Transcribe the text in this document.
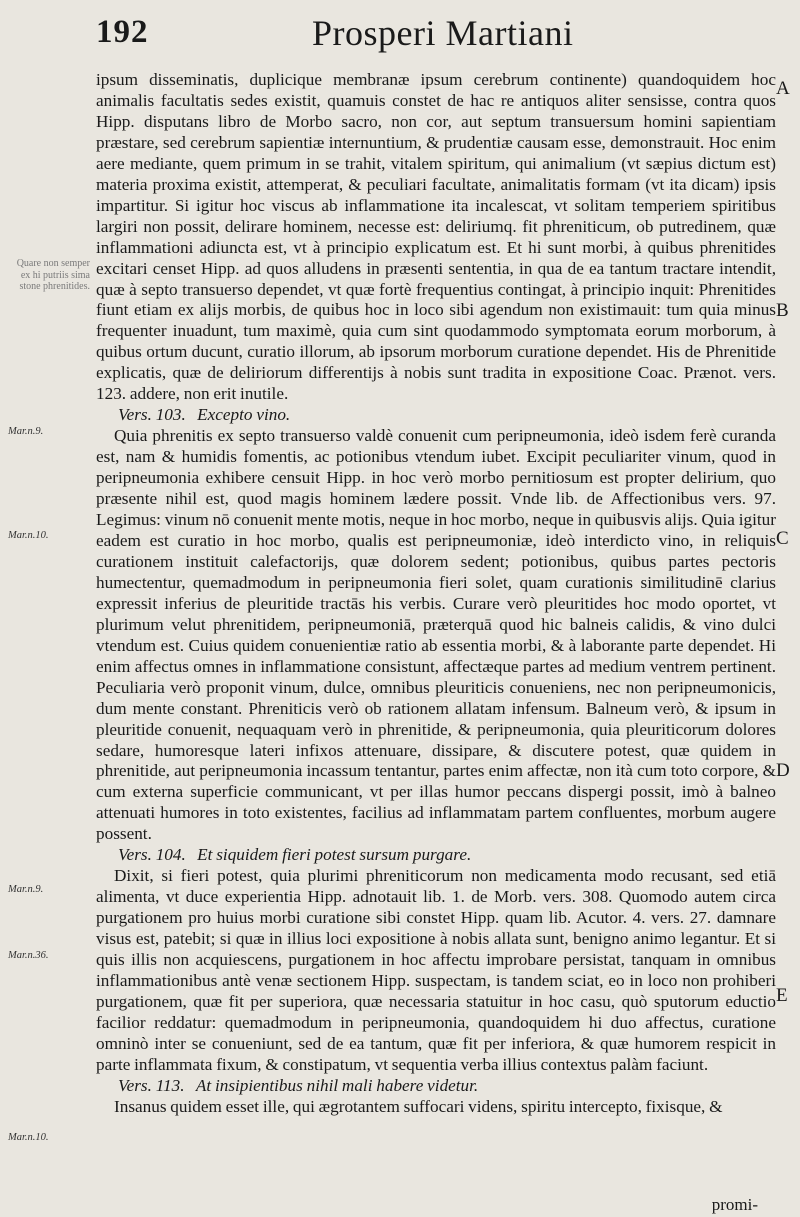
192	Prosperi Martiani

ipsum disseminatis, duplicique membranæ ipsum cerebrum continente) quandoquidem hoc animalis facultatis sedes existit, quamuis constet de hac re antiquos aliter sensisse, contra quos Hipp. disputans libro de Morbo sacro, non cor, aut septum transuersum homini sapientiam præstare, sed cerebrum sapientiæ internuntium, & prudentiæ causam esse, demonstrauit. Hoc enim aere mediante, quem primum in se trahit, vitalem spiritum, qui animalium (vt sæpius dictum est) materia proxima existit, attemperat, & peculiari facultate, animalitatis formam (vt ita dicam) ipsis impartitur. Si igitur hoc viscus ab inflammatione ita incalescat, vt solitam temperiem spiritibus largiri non possit, delirare hominem, necesse est: deliriumq. fit phreniticum, ob putredinem, quæ inflammationi adiuncta est, vt à principio explicatum est. Et hi sunt morbi, à quibus phrenitides excitari censet Hipp. ad quos alludens in præsenti sententia, in qua de ea tantum tractare intendit, quæ à septo transuerso dependet, vt quæ fortè frequentius contingat, à principio inquit: Phrenitides fiunt etiam ex alijs morbis, de quibus hoc in loco sibi agendum non existimauit: tum quia minus frequenter inuadunt, tum maximè, quia cum sint quodammodo symptomata eorum morborum, à quibus ortum ducunt, curatio illorum, ab ipsorum morborum curatione dependet. His de Phrenitide explicatis, quæ de deliriorum differentijs à nobis sunt tradita in expositione Coac. Prænot. vers. 123. addere, non erit inutile.

Vers. 103. Excepto vino.

Quia phrenitis ex septo transuerso valdè conuenit cum peripneumonia, ideò isdem ferè curanda est, nam & humidis fomentis, ac potionibus vtendum iubet. Excipit peculiariter vinum, quod in peripneumonia exhibere censuit Hipp. in hoc verò morbo pernitiosum est propter delirium, quo præsente nihil est, quod magis hominem lædere possit. Vnde lib. de Affectionibus vers. 97. Legimus: vinum nō conuenit mente motis, neque in hoc morbo, neque in quibusvis alijs. Quia igitur eadem est curatio in hoc morbo, qualis est peripneumoniæ, ideò interdicto vino, in reliquis curationem instituit calefactorijs, quæ dolorem sedent; potionibus, quibus partes pectoris humectentur, quemadmodum in peripneumonia fieri solet, quam curationis similitudinē clarius expressit inferius de pleuritide tractās his verbis. Curare verò pleuritides hoc modo oportet, vt plurimum velut phrenitidem, peripneumoniā, præterquā quod hic balneis calidis, & vino dulci vtendum est. Cuius quidem conuenientiæ ratio ab essentia morbi, & à laborante parte dependet. Hi enim affectus omnes in inflammatione consistunt, affectæque partes ad medium ventrem pertinent. Peculiaria verò proponit vinum, dulce, omnibus pleuriticis conueniens, nec non peripneumonicis, dum mente constant. Phreniticis verò ob rationem allatam infensum. Balneum verò, & ipsum in pleuritide conuenit, nequaquam verò in phrenitide, & peripneumonia, quia pleuriticorum dolores sedare, humoresque lateri infixos attenuare, dissipare, & discutere potest, quæ quidem in phrenitide, aut peripneumonia incassum tentantur, partes enim affectæ, non ità cum toto corpore, & cum externa superficie communicant, vt per illas humor peccans dispergi possit, imò à balneo attenuati humores in toto existentes, facilius ad inflammatam partem confluentes, morbum augere possent.

Vers. 104. Et siquidem fieri potest sursum purgare.

Dixit, si fieri potest, quia plurimi phreniticorum non medicamenta modo recusant, sed etiā alimenta, vt duce experientia Hipp. adnotauit lib. 1. de Morb. vers. 308. Quomodo autem circa purgationem pro huius morbi curatione sibi constet Hipp. quam lib. Acutor. 4. vers. 27. damnare visus est, patebit; si quæ in illius loci expositione à nobis allata sunt, benigno animo legantur. Et si quis illis non acquiescens, purgationem in hoc affectu improbare persistat, tanquam in omnibus inflammationibus antè venæ sectionem Hipp. suspectam, is tandem sciat, eo in loco non prohiberi purgationem, quæ fit per superiora, quæ necessaria statuitur in hoc casu, quò sputorum eductio facilior reddatur: quemadmodum in peripneumonia, quandoquidem hi duo affectus, curatione omninò inter se conueniunt, sed de ea tantum, quæ fit per inferiora, & quæ humorem respicit in parte inflammata fixum, & constipatum, vt sequentia verba illius contextus palàm faciunt.

Vers. 113. At insipientibus nihil mali habere videtur.

Insanus quidem esset ille, qui ægrotantem suffocari videns, spiritu intercepto, fixisque, &

Quare non semper ex hi putriis sima stone phrenitides.
Mar.n.9.
Mar.n.10.
Mar.n.9.
Mar.n.36.
Mar.n.10.
A
B
C
D
E
promi-
